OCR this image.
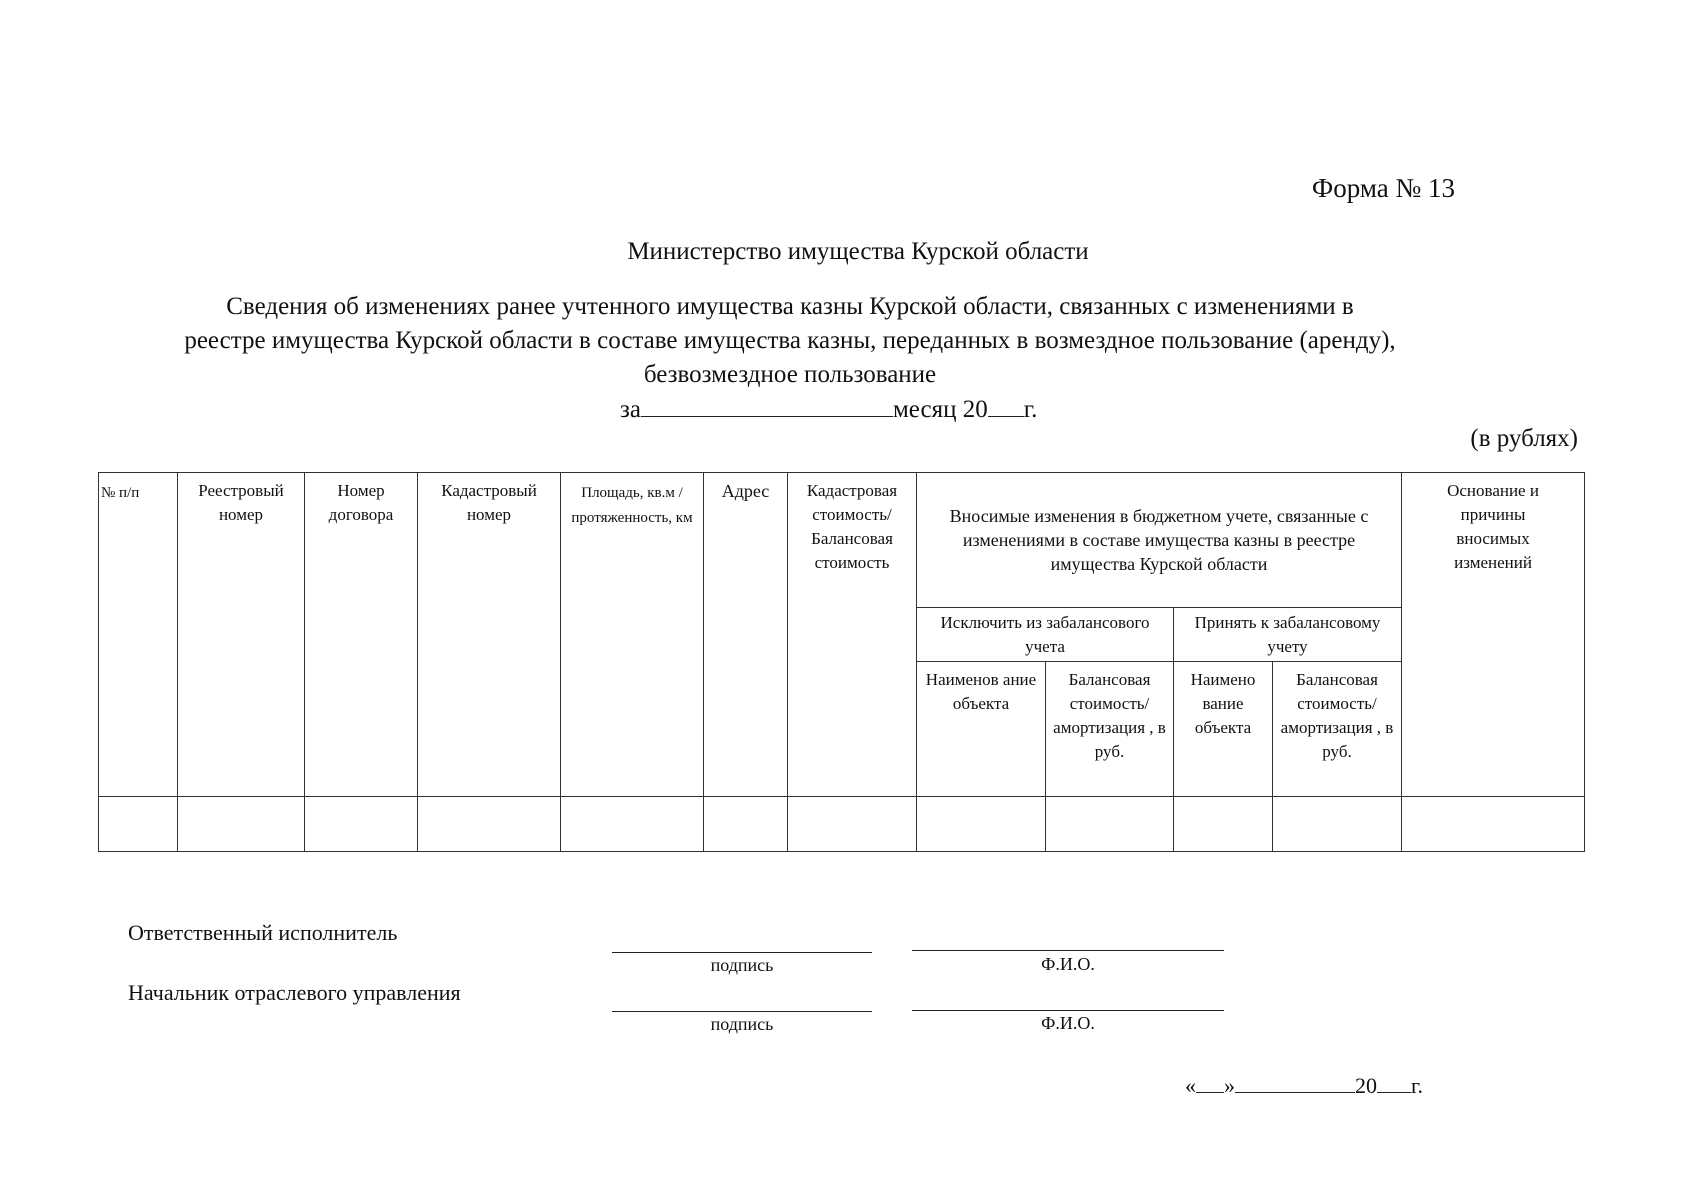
Форма № 13
Министерство имущества Курской области
Сведения об изменениях ранее учтенного имущества казны Курской области, связанных с изменениями в
реестре имущества Курской области в составе имущества казны, переданных в возмездное пользование (аренду),
безвозмездное пользование
за	месяц 20 г.
(в рублях)
№ п/п	Реестровый номер	Номер договора	Кадастровый номер	Площадь, кв.м / протяженность, км	Адрес	Кадастровая стоимость/ Балансовая стоимость	Вносимые изменения в бюджетном учете, связанные с изменениями в составе имущества казны в реестре имущества Курской области				Основание и причины вносимых изменений

							Исключить из забалансового учета		Принять к забалансовому учету		

							Наименов ание объекта	Балансовая стоимость/ амортизация , в руб.	Наимено вание объекта	Балансовая стоимость/ амортизация , в руб.	

Ответственный исполнитель
подпись	Ф.И.О.
Начальник отраслевого управления
подпись	Ф.И.О.
« »	20 г.
